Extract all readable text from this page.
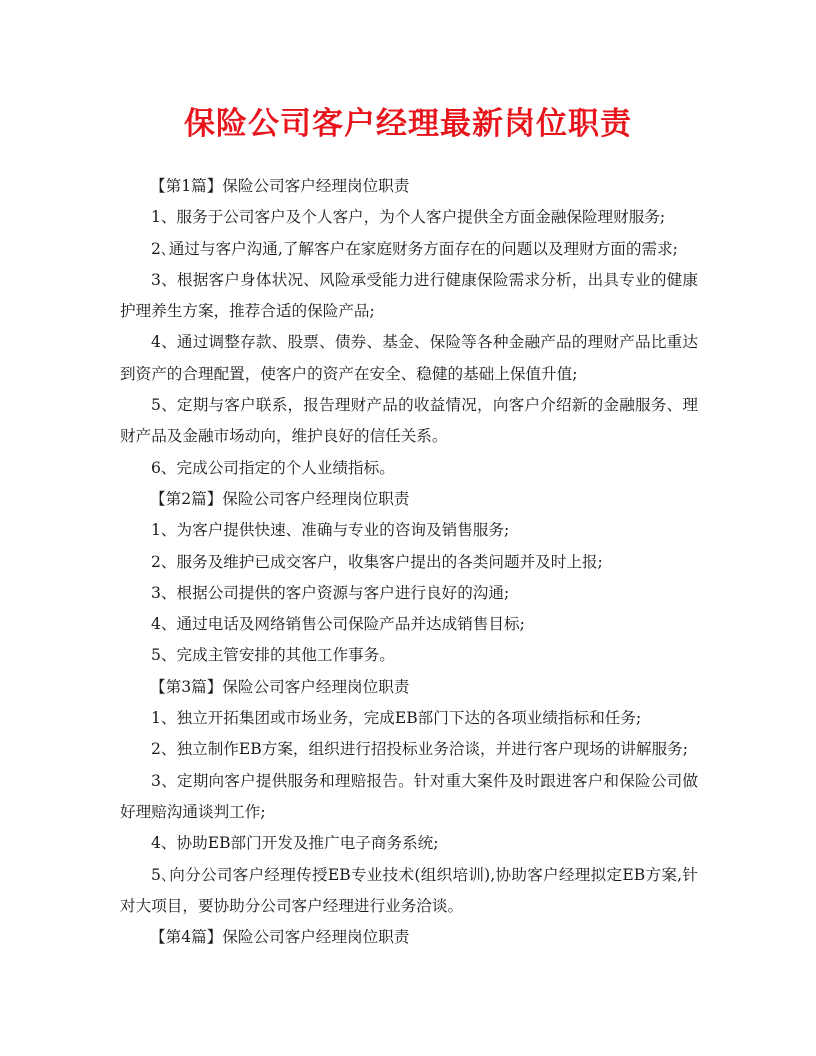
保险公司客户经理最新岗位职责

【第1篇】保险公司客户经理岗位职责

1、服务于公司客户及个人客户，为个人客户提供全方面金融保险理财服务;

2､通过与客户沟通,了解客户在家庭财务方面存在的问题以及理财方面的需求;

3、根据客户身体状况、风险承受能力进行健康保险需求分析，出具专业的健康护理养生方案，推荐合适的保险产品;

4、通过调整存款、股票、债券、基金、保险等各种金融产品的理财产品比重达到资产的合理配置，使客户的资产在安全、稳健的基础上保值升值;

5、定期与客户联系，报告理财产品的收益情况，向客户介绍新的金融服务、理财产品及金融市场动向，维护良好的信任关系。

6、完成公司指定的个人业绩指标。

【第2篇】保险公司客户经理岗位职责

1、为客户提供快速、准确与专业的咨询及销售服务;

2、服务及维护已成交客户，收集客户提出的各类问题并及时上报;

3、根据公司提供的客户资源与客户进行良好的沟通;

4、通过电话及网络销售公司保险产品并达成销售目标;

5、完成主管安排的其他工作事务。

【第3篇】保险公司客户经理岗位职责

1、独立开拓集团或市场业务，完成EB部门下达的各项业绩指标和任务;

2、独立制作EB方案，组织进行招投标业务洽谈，并进行客户现场的讲解服务;

3、定期向客户提供服务和理赔报告。针对重大案件及时跟进客户和保险公司做好理赔沟通谈判工作;

4、协助EB部门开发及推广电子商务系统;

5､向分公司客户经理传授EB专业技术(组织培训),协助客户经理拟定EB方案,针对大项目，要协助分公司客户经理进行业务洽谈。

【第4篇】保险公司客户经理岗位职责
